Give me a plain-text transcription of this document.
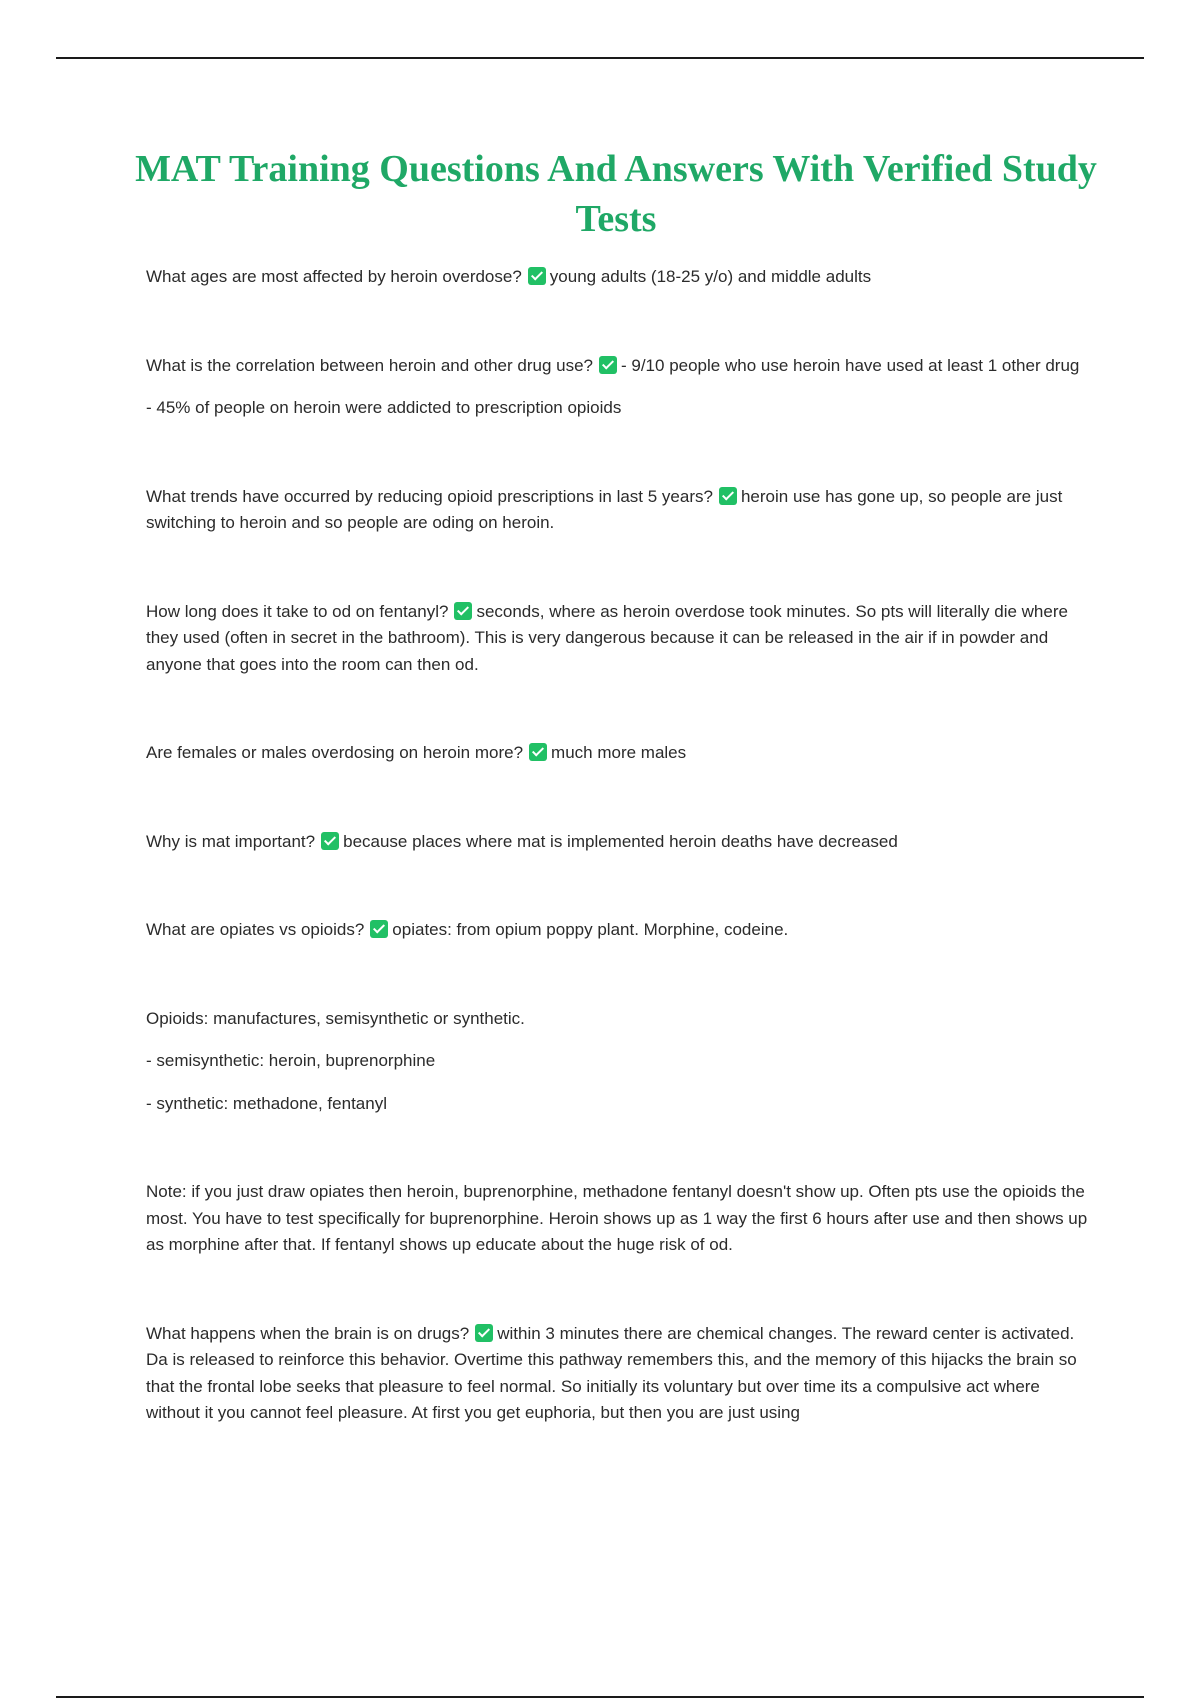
MAT Training Questions And Answers With Verified Study Tests

What ages are most affected by heroin overdose? young adults (18-25 y/o) and middle adults

What is the correlation between heroin and other drug use? - 9/10 people who use heroin have used at least 1 other drug

- 45% of people on heroin were addicted to prescription opioids

What trends have occurred by reducing opioid prescriptions in last 5 years? heroin use has gone up, so people are just switching to heroin and so people are oding on heroin.

How long does it take to od on fentanyl? seconds, where as heroin overdose took minutes. So pts will literally die where they used (often in secret in the bathroom). This is very dangerous because it can be released in the air if in powder and anyone that goes into the room can then od.

Are females or males overdosing on heroin more? much more males

Why is mat important? because places where mat is implemented heroin deaths have decreased

What are opiates vs opioids? opiates: from opium poppy plant. Morphine, codeine.

Opioids: manufactures, semisynthetic or synthetic.

- semisynthetic: heroin, buprenorphine

- synthetic: methadone, fentanyl

Note: if you just draw opiates then heroin, buprenorphine, methadone fentanyl doesn't show up. Often pts use the opioids the most. You have to test specifically for buprenorphine. Heroin shows up as 1 way the first 6 hours after use and then shows up as morphine after that. If fentanyl shows up educate about the huge risk of od.

What happens when the brain is on drugs? within 3 minutes there are chemical changes. The reward center is activated. Da is released to reinforce this behavior. Overtime this pathway remembers this, and the memory of this hijacks the brain so that the frontal lobe seeks that pleasure to feel normal. So initially its voluntary but over time its a compulsive act where without it you cannot feel pleasure. At first you get euphoria, but then you are just using
